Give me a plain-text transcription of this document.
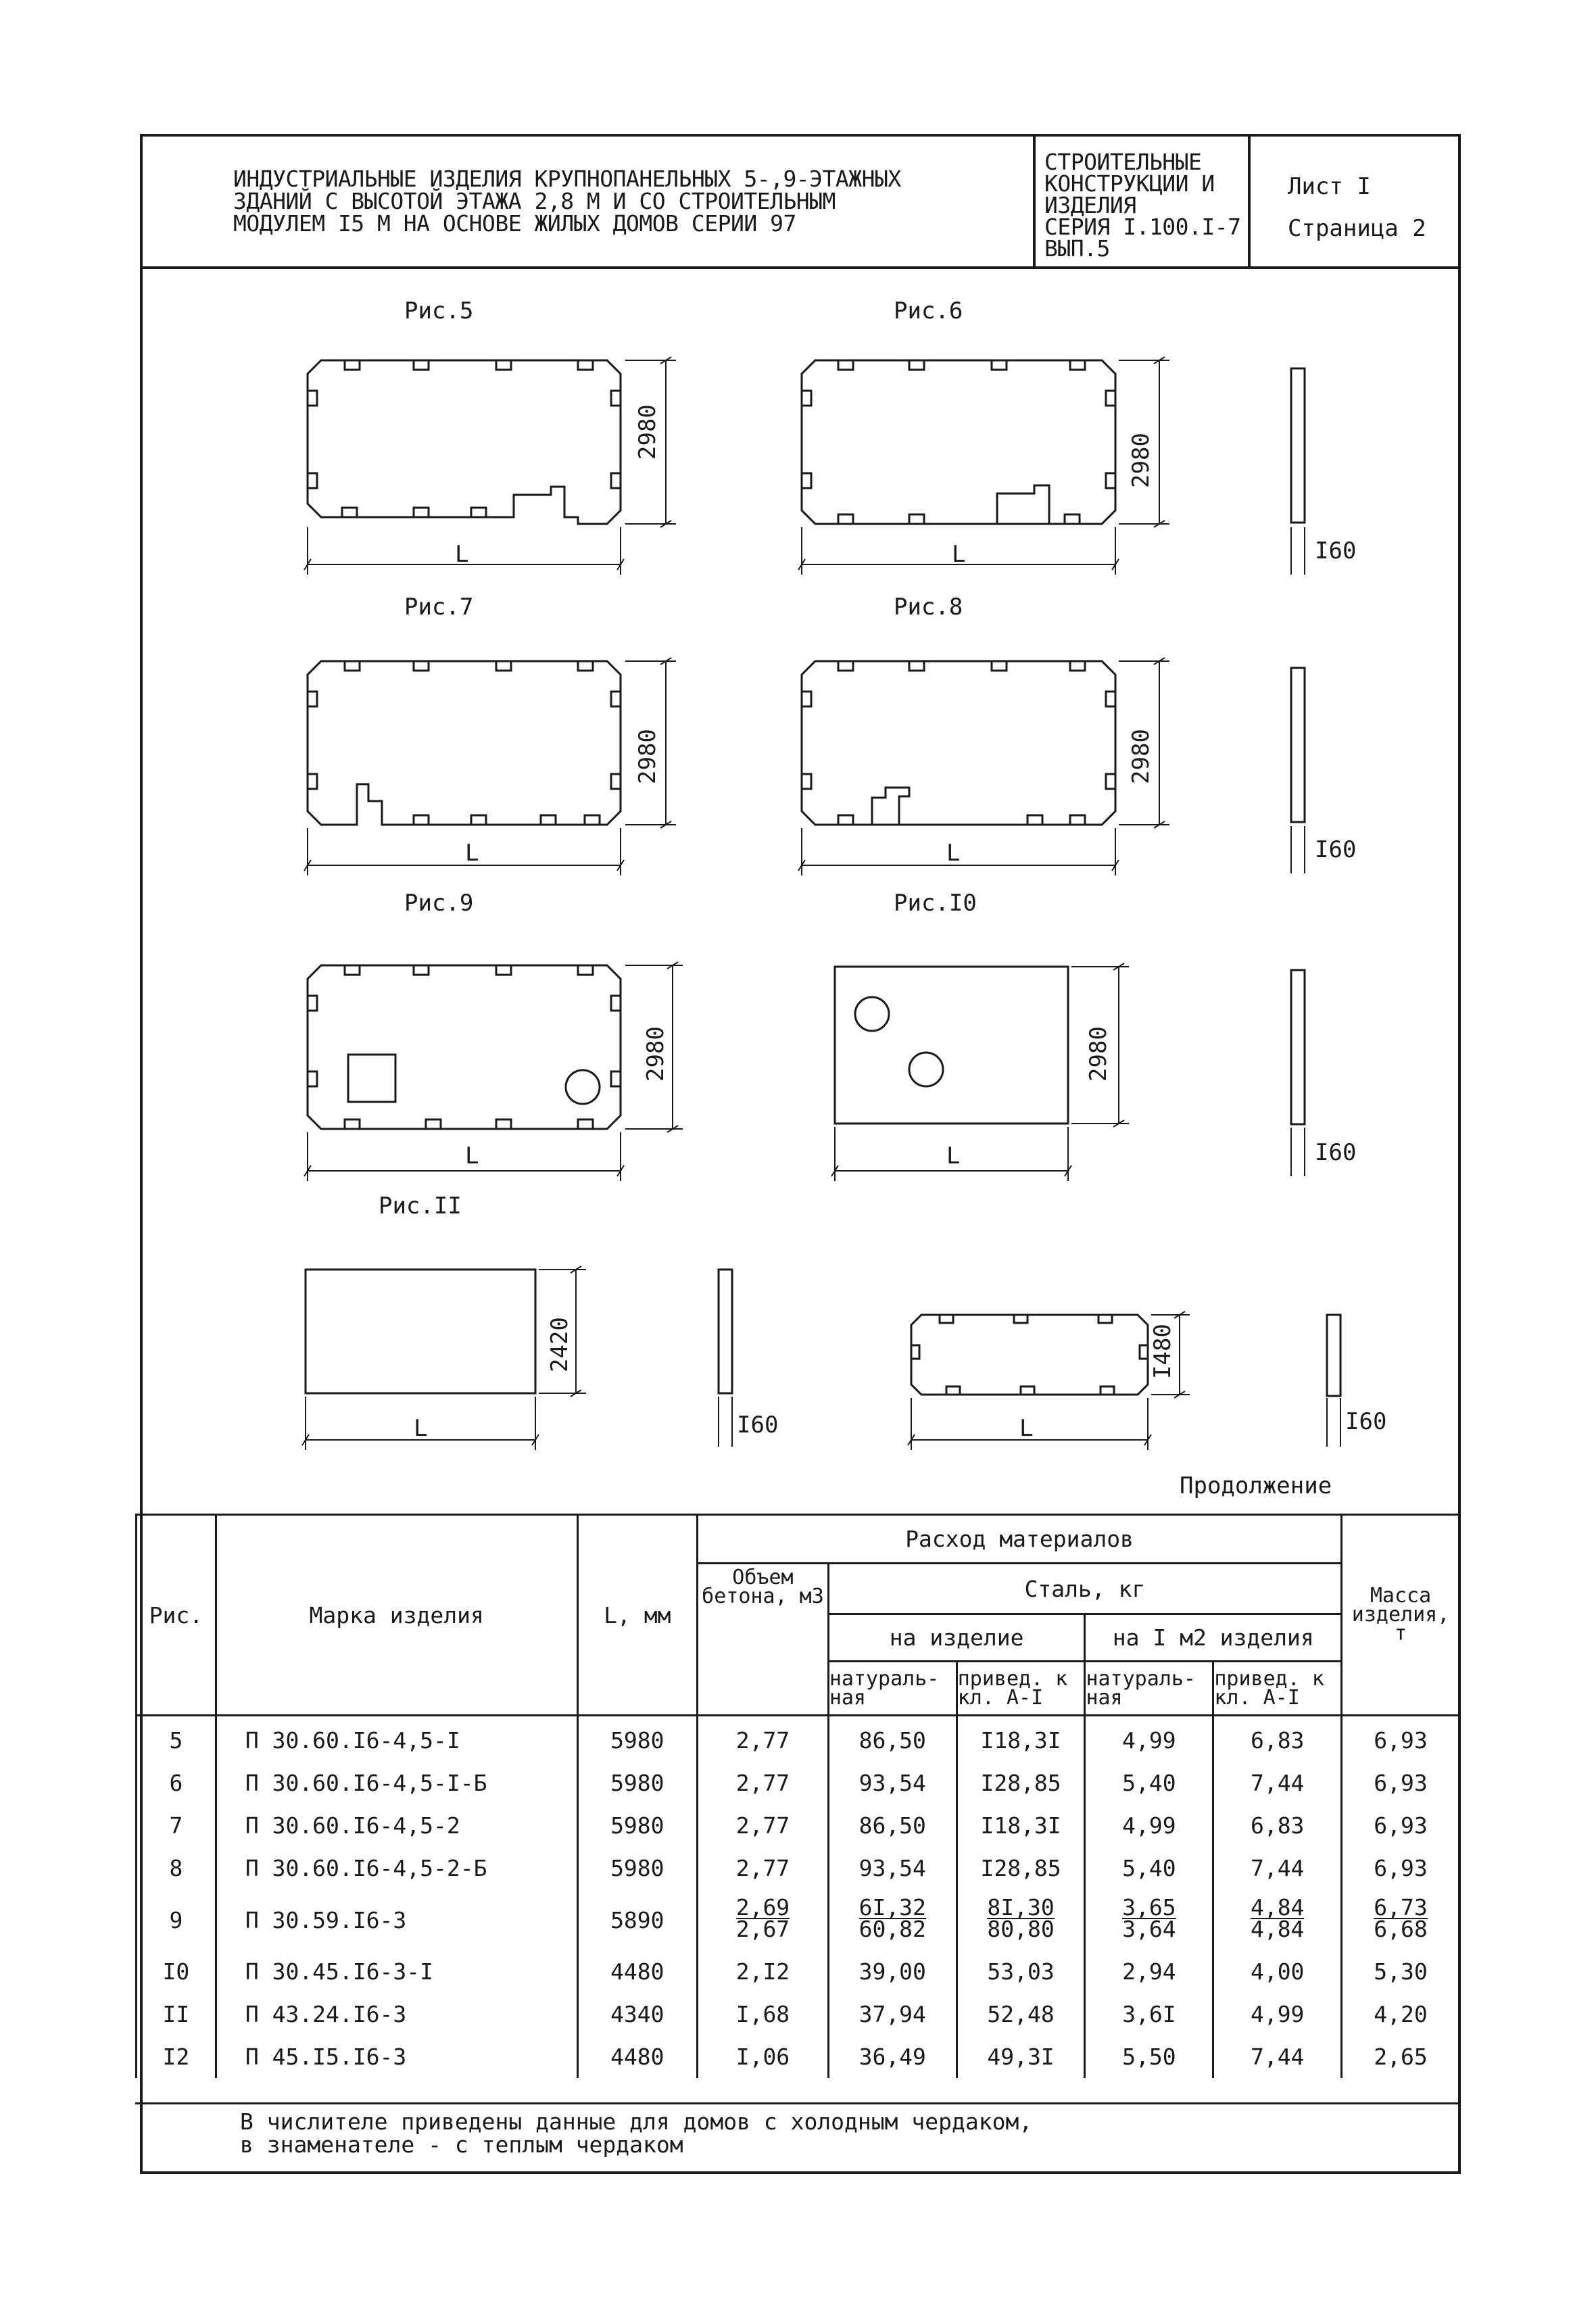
ИНДУСТРИАЛЬНЫЕ ИЗДЕЛИЯ КРУПНОПАНЕЛЬНЫХ 5-,9-ЭТАЖНЫХ
ЗДАНИЙ С ВЫСОТОЙ ЭТАЖА 2,8 М И СО СТРОИТЕЛЬНЫМ
МОДУЛЕМ I5 М НА ОСНОВЕ ЖИЛЫХ ДОМОВ СЕРИИ 97
СТРОИТЕЛЬНЫЕ
КОНСТРУКЦИИ И
ИЗДЕЛИЯ
СЕРИЯ I.100.I-7
ВЫП.5
Лист I
Страница 2
Рис.5	Рис.6
Рис.7	Рис.8
Рис.9	Рис.I0
Рис.II
L	L
L	L
L	L
L	L
2980
2980
2980	2980
2980	2980
2420	I480
I60
I60
I60
I60	I60
Продолжение
Рис.	Марка изделия	L, мм	Расход материалов					Масса изделия, т
			Объем бетона, м3	Сталь, кг				
				на изделие		на I м2 изделия		
				натураль- ная	привед. к кл. А-I	натураль- ная	привед. к кл. А-I	
5	П 30.60.I6-4,5-I	5980	2,77	86,50	I18,3I	4,99	6,83	6,93
6	П 30.60.I6-4,5-I-Б	5980	2,77	93,54	I28,85	5,40	7,44	6,93
7	П 30.60.I6-4,5-2	5980	2,77	86,50	I18,3I	4,99	6,83	6,93
8	П 30.60.I6-4,5-2-Б	5980	2,77	93,54	I28,85	5,40	7,44	6,93
9	П 30.59.I6-3	5890	$\frac{2,69}{2,67}$	$\frac{6I,32}{60,82}$	$\frac{8I,30}{80,80}$	$\frac{3,65}{3,64}$	$\frac{4,84}{4,84}$	$\frac{6,73}{6,68}$

I0	П 30.45.I6-3-I	4480	2,I2	39,00	53,03	2,94	4,00	5,30
II	П 43.24.I6-3	4340	I,68	37,94	52,48	3,6I	4,99	4,20
I2	П 45.I5.I6-3	4480	I,06	36,49	49,3I	5,50	7,44	2,65
В числителе приведены данные для домов с холодным чердаком,
в знаменателе - с теплым чердаком
